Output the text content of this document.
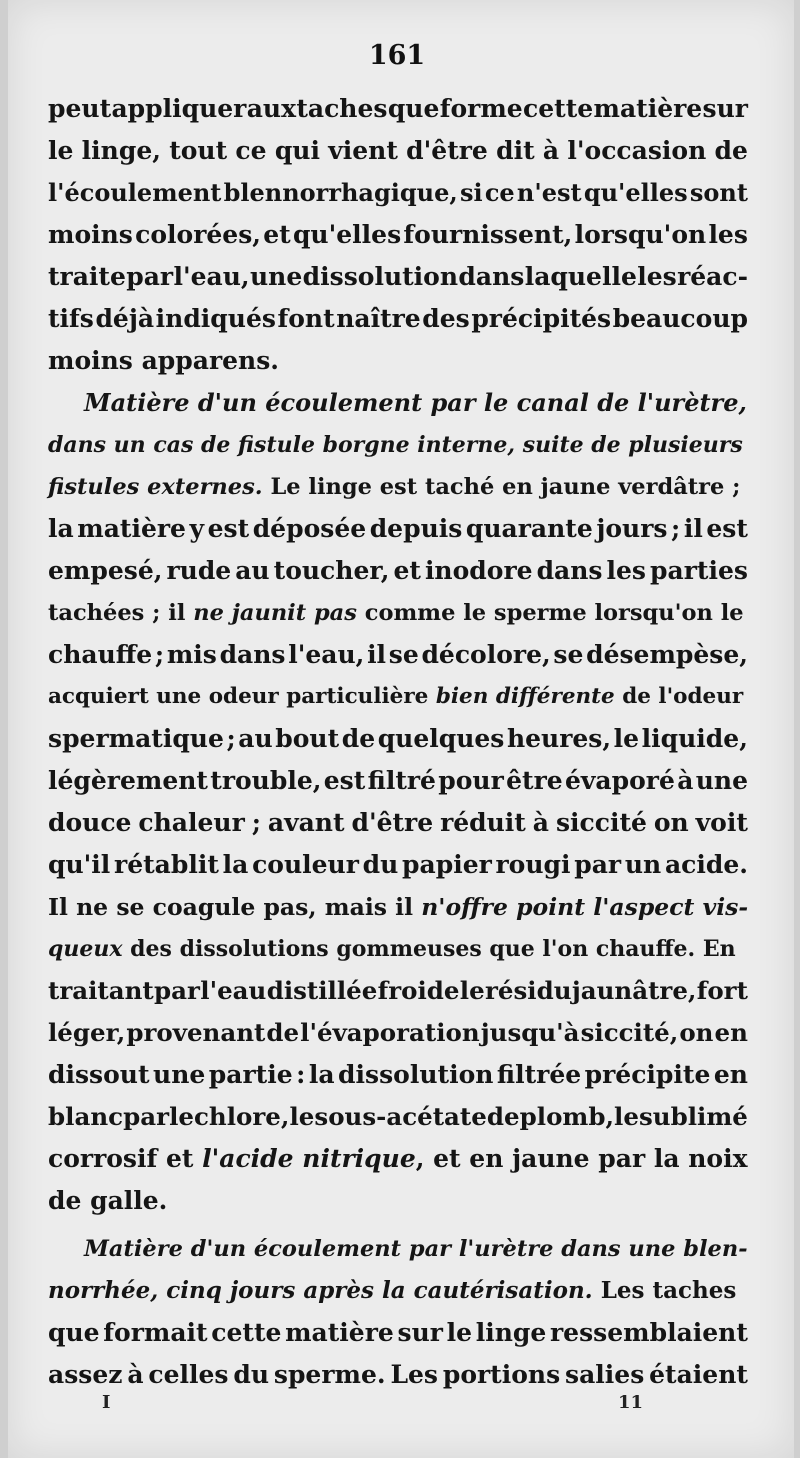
161
peut appliquer aux taches que forme cette matière sur
le linge, tout ce qui vient d'être dit à l'occasion de
l'écoulement blennorrhagique, si ce n'est qu'elles sont
moins colorées, et qu'elles fournissent, lorsqu'on les
traite par l'eau, une dissolution dans laquelle les réac-
tifs déjà indiqués font naître des précipités beaucoup
moins apparens.
Matière d'un écoulement par le canal de l'urètre,
dans un cas de fistule borgne interne, suite de plusieurs
fistules externes. Le linge est taché en jaune verdâtre ;
la matière y est déposée depuis quarante jours ; il est
empesé, rude au toucher, et inodore dans les parties
tachées ; il ne jaunit pas comme le sperme lorsqu'on le
chauffe ; mis dans l'eau, il se décolore, se désempèse,
acquiert une odeur particulière bien différente de l'odeur
spermatique ; au bout de quelques heures, le liquide,
légèrement trouble, est filtré pour être évaporé à une
douce chaleur ; avant d'être réduit à siccité on voit
qu'il rétablit la couleur du papier rougi par un acide.
Il ne se coagule pas, mais il n'offre point l'aspect vis-
queux des dissolutions gommeuses que l'on chauffe. En
traitant par l'eau distillée froide le résidu jaunâtre, fort
léger, provenant de l'évaporation jusqu'à siccité, on en
dissout une partie : la dissolution filtrée précipite en
blanc par le chlore, le sous-acétate de plomb, le sublimé
corrosif et l'acide nitrique, et en jaune par la noix
de galle.
Matière d'un écoulement par l'urètre dans une blen-
norrhée, cinq jours après la cautérisation. Les taches
que formait cette matière sur le linge ressemblaient
assez à celles du sperme. Les portions salies étaient
I	11
